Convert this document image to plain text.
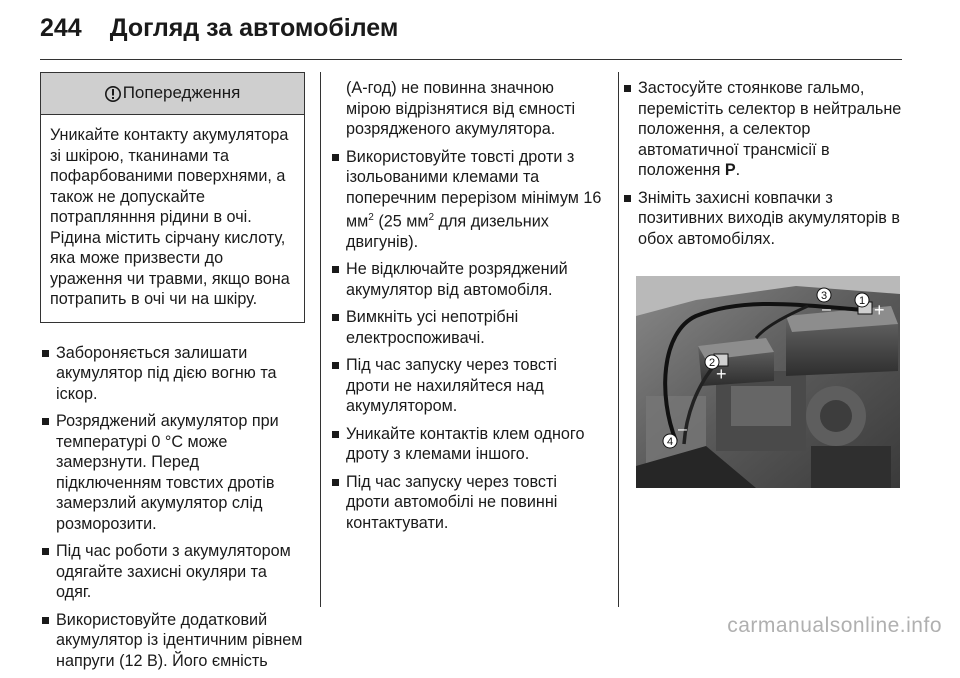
244 Догляд за автомобілем
Попередження
Уникайте контакту акумулятора зі шкірою, тканинами та пофарбованими поверхнями, а також не допускайте потраплянння рідини в очі. Рідина містить сірчану кислоту, яка може призвести до ураження чи травми, якщо вона потрапить в очі чи на шкіру.
Забороняється залишати акумулятор під дією вогню та іскор.
Розряджений акумулятор при температурі 0 °C може замерзнути. Перед підключенням товстих дротів замерзлий акумулятор слід розморозити.
Під час роботи з акумулятором одягайте захисні окуляри та одяг.
Використовуйте додатковий акумулятор із ідентичним рівнем напруги (12 В). Його ємність
(А-год) не повинна значною мірою відрізнятися від ємності розрядженого акумулятора.
Використовуйте товсті дроти з ізольованими клемами та поперечним перерізом мінімум 16 $мм^2$ (25 $мм^2$ для дизельних двигунів).
Не відключайте розряджений акумулятор від автомобіля.
Вимкніть усі непотрібні електроспоживачі.
Під час запуску через товсті дроти не нахиляйтеся над акумулятором.
Уникайте контактів клем одного дроту з клемами іншого.
Під час запуску через товсті дроти автомобілі не повинні контактувати.
Застосуйте стоянкове гальмо, перемістіть селектор в нейтральне положення, а селектор автоматичної трансмісії в положення P.
Зніміть захисні ковпачки з позитивних виходів акумуляторів в обох автомобілях.
1 +
3
–
2
+
4
–
carmanualsonline.info
